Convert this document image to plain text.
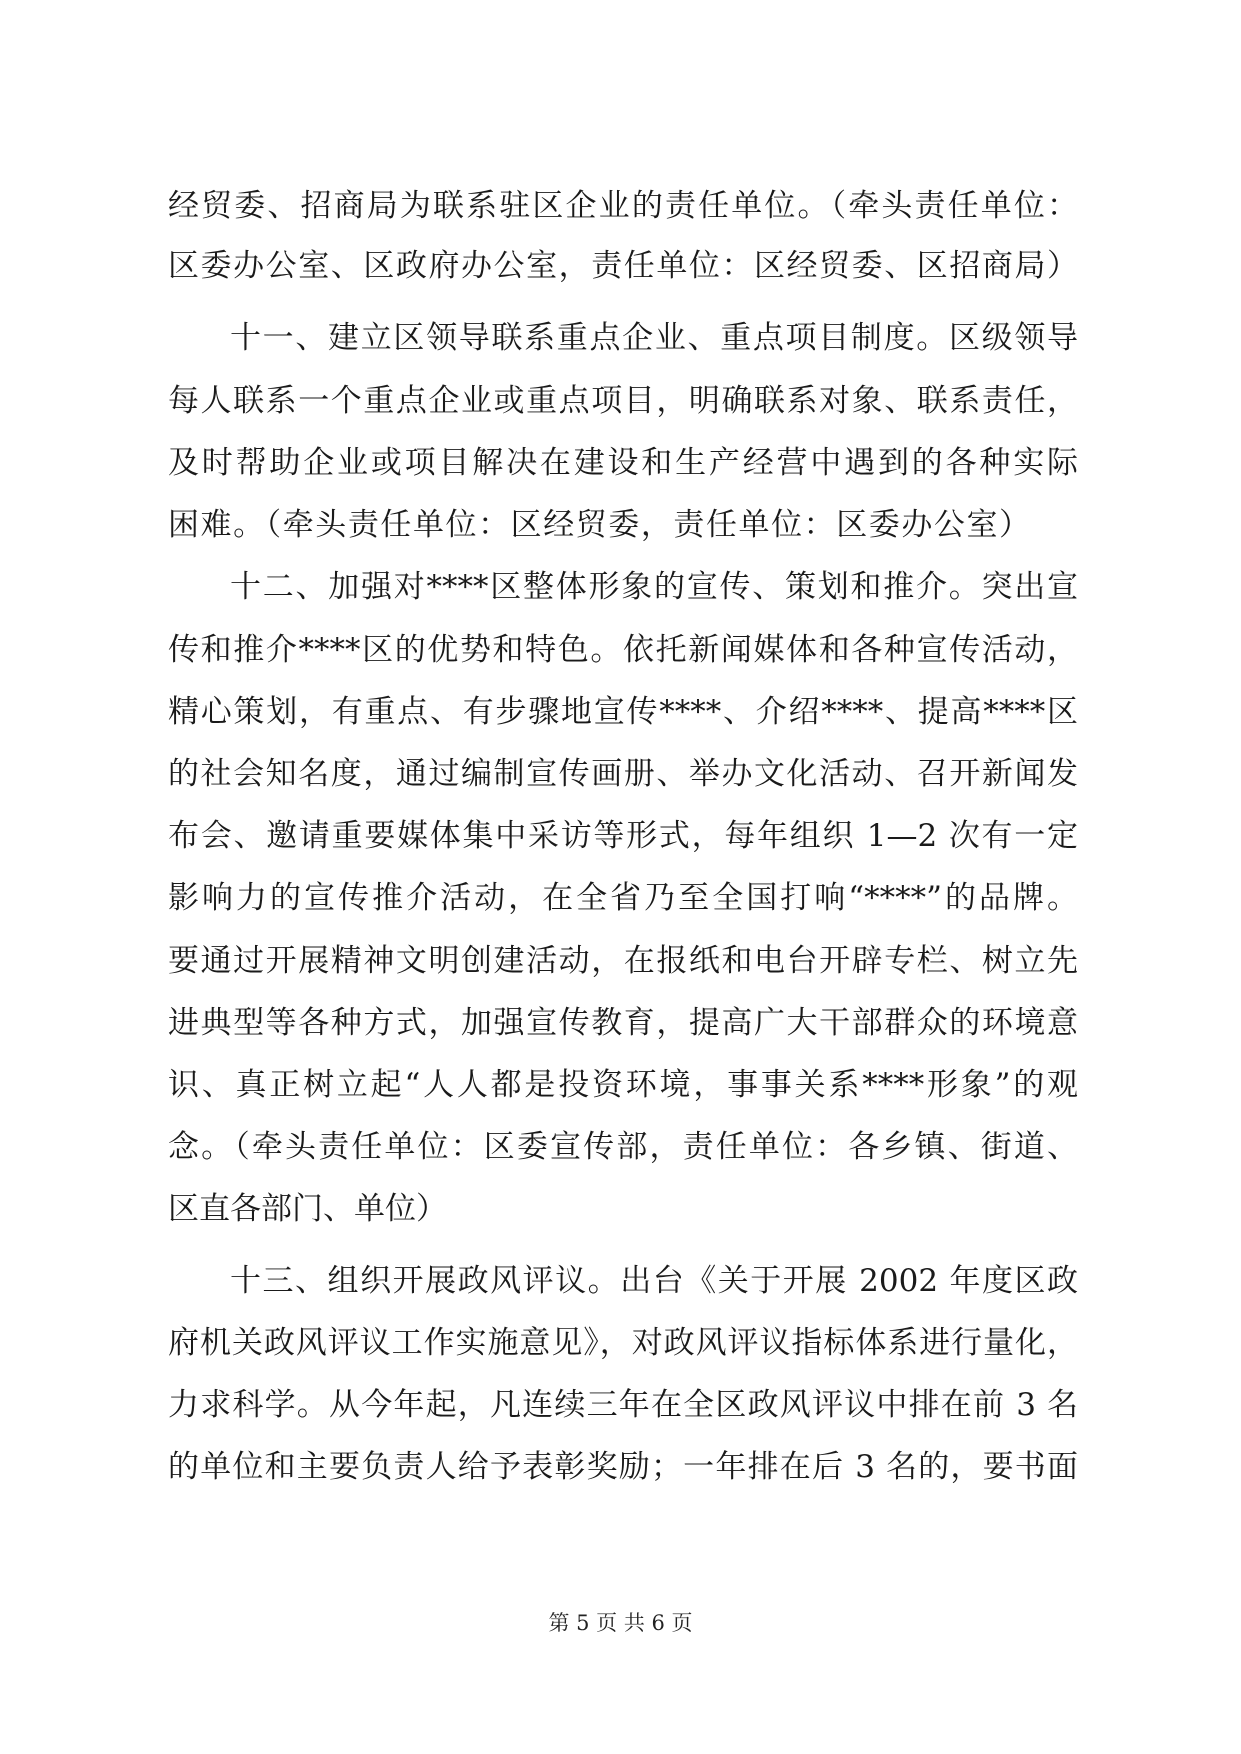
经贸委、招商局为联系驻区企业的责任单位。（牵头责任单位：
区委办公室、区政府办公室，责任单位：区经贸委、区招商局）
十一、建立区领导联系重点企业、重点项目制度。区级领导
每人联系一个重点企业或重点项目，明确联系对象、联系责任，
及时帮助企业或项目解决在建设和生产经营中遇到的各种实际
困难。（牵头责任单位：区经贸委，责任单位：区委办公室）
十二、加强对****区整体形象的宣传、策划和推介。突出宣
传和推介****区的优势和特色。依托新闻媒体和各种宣传活动，
精心策划，有重点、有步骤地宣传****、介绍****、提高****区
的社会知名度，通过编制宣传画册、举办文化活动、召开新闻发
布会、邀请重要媒体集中采访等形式，每年组织 1—2 次有一定
影响力的宣传推介活动，在全省乃至全国打响“****”的品牌。
要通过开展精神文明创建活动，在报纸和电台开辟专栏、树立先
进典型等各种方式，加强宣传教育，提高广大干部群众的环境意
识、真正树立起“人人都是投资环境，事事关系****形象”的观
念。（牵头责任单位：区委宣传部，责任单位：各乡镇、街道、
区直各部门、单位）
十三、组织开展政风评议。出台《关于开展 2002 年度区政
府机关政风评议工作实施意见》，对政风评议指标体系进行量化，
力求科学。从今年起，凡连续三年在全区政风评议中排在前 3 名
的单位和主要负责人给予表彰奖励；一年排在后 3 名的，要书面
第 5 页 共 6 页
